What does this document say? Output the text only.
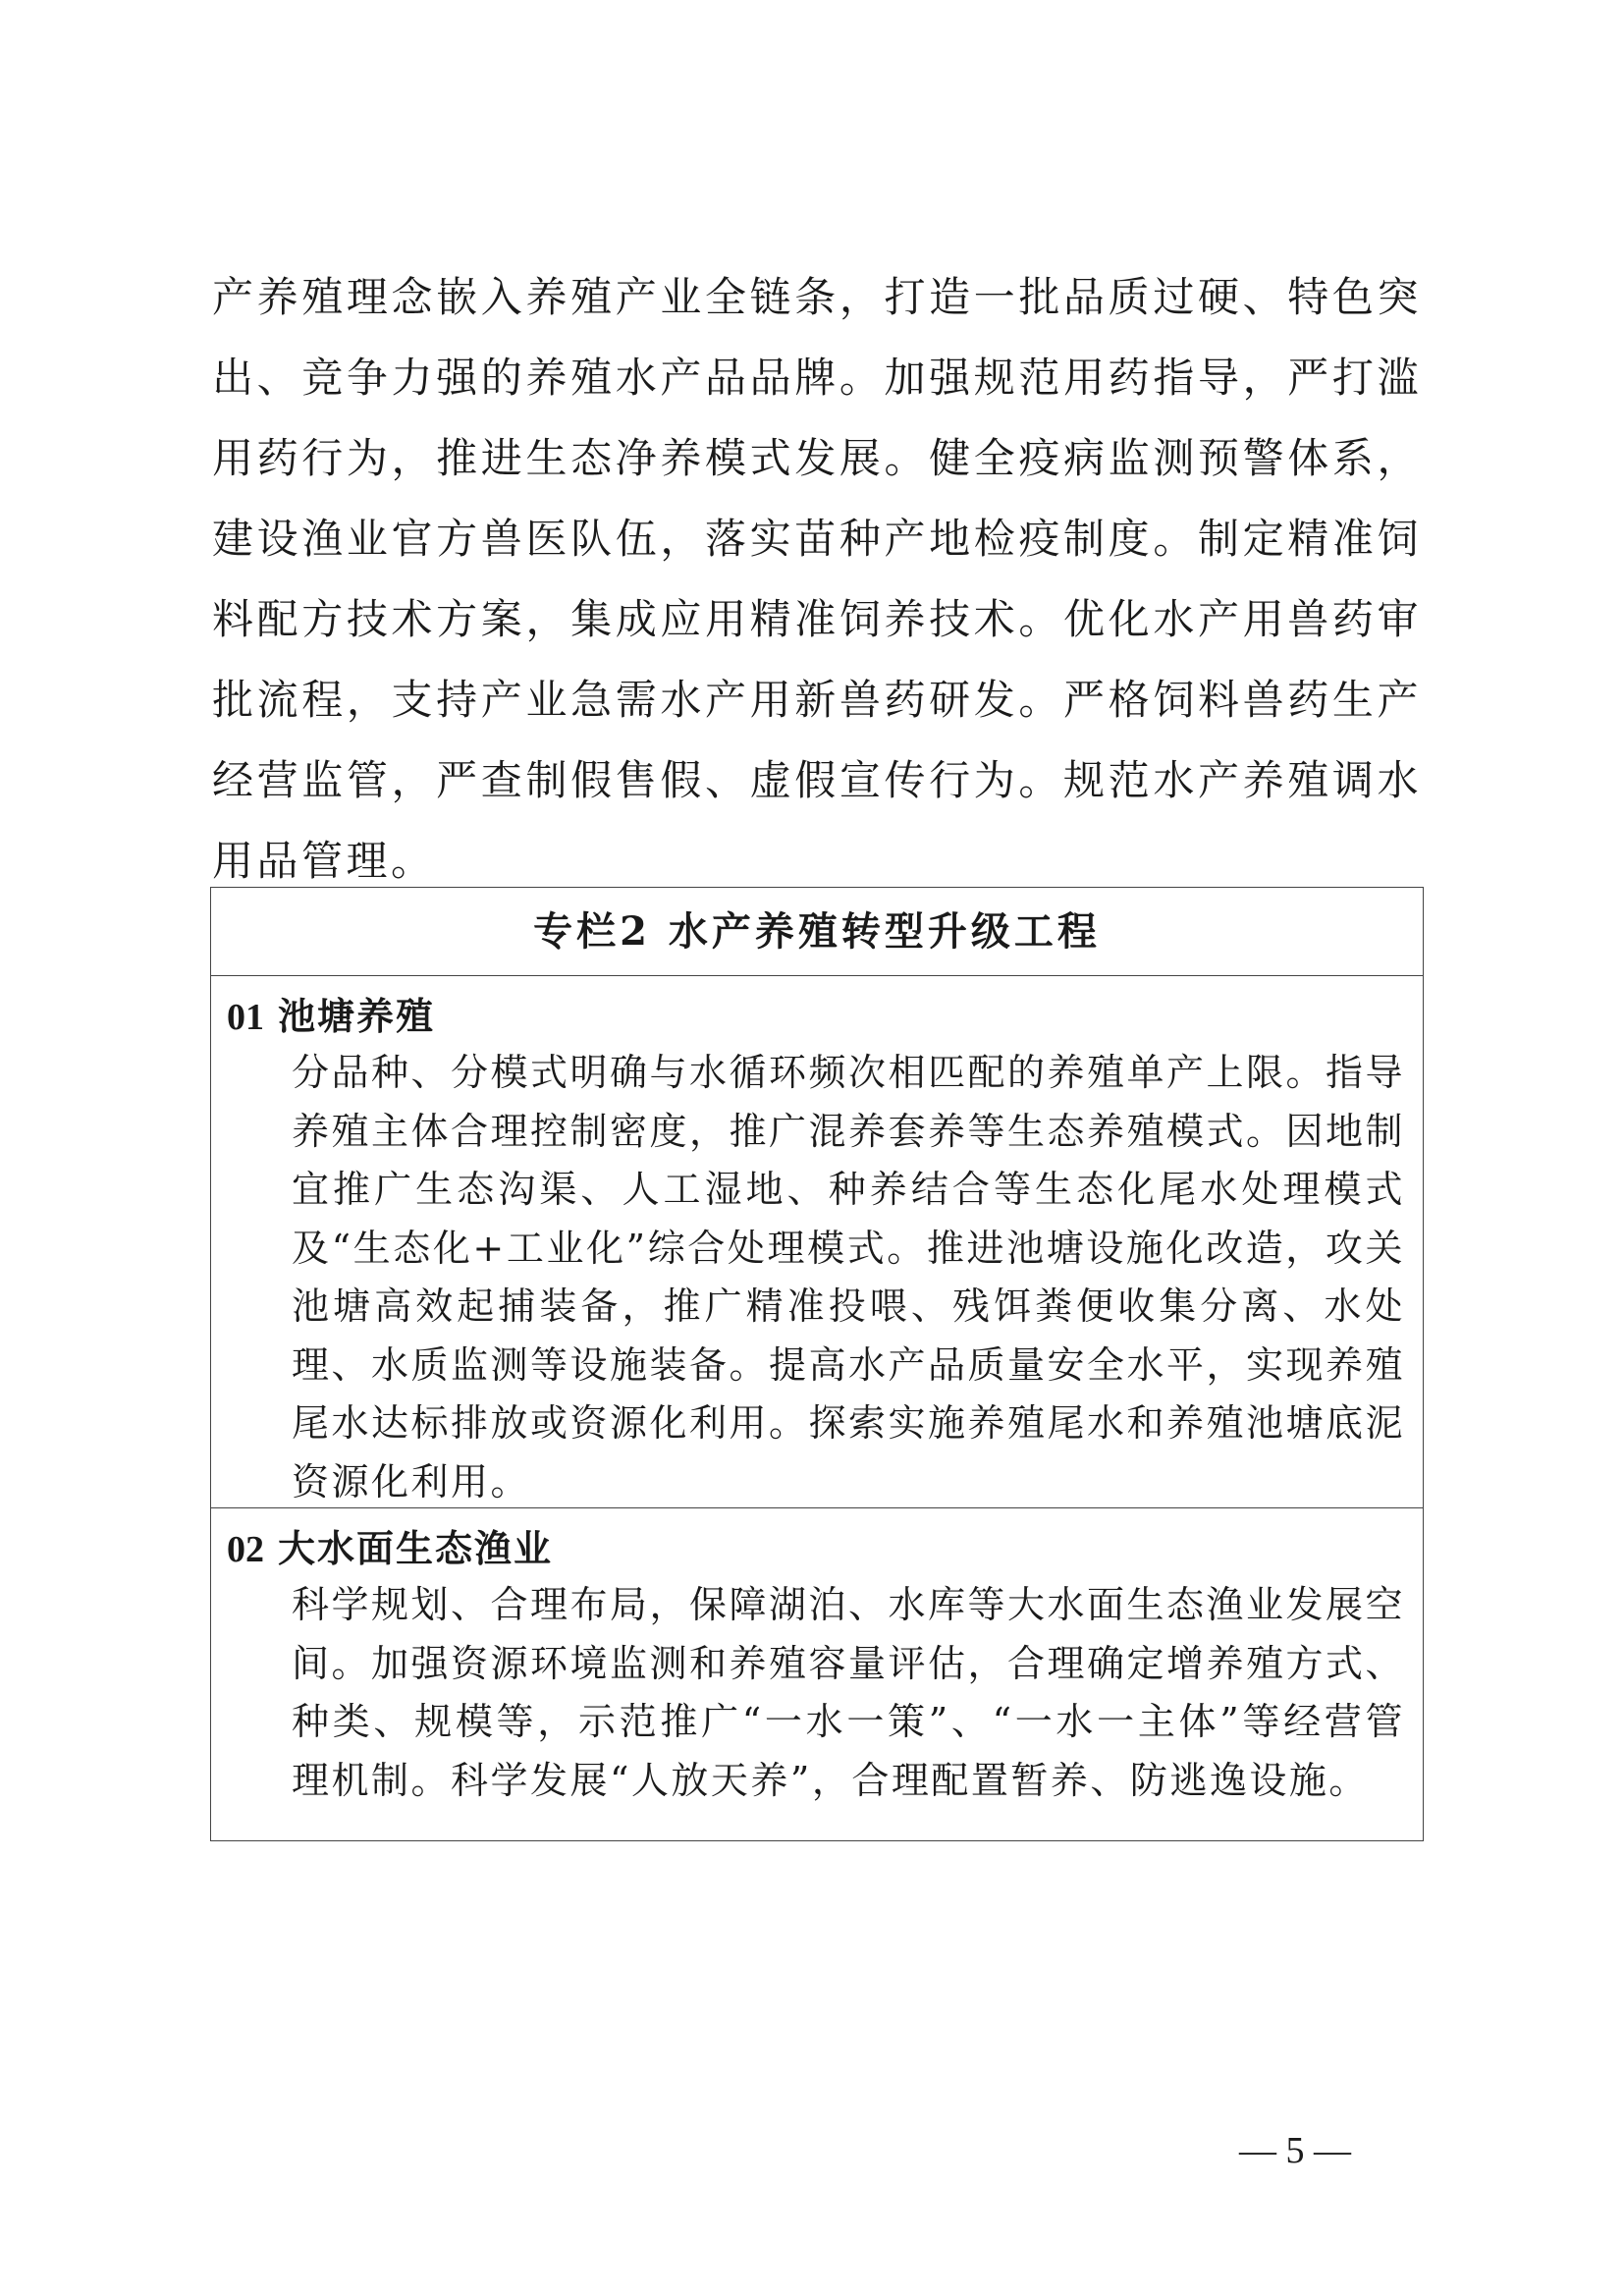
产养殖理念嵌入养殖产业全链条，打造一批品质过硬、特色突出、竞争力强的养殖水产品品牌。加强规范用药指导，严打滥用药行为，推进生态净养模式发展。健全疫病监测预警体系，建设渔业官方兽医队伍，落实苗种产地检疫制度。制定精准饲料配方技术方案，集成应用精准饲养技术。优化水产用兽药审批流程，支持产业急需水产用新兽药研发。严格饲料兽药生产经营监管，严查制假售假、虚假宣传行为。规范水产养殖调水用品管理。

专栏2 水产养殖转型升级工程
01 池塘养殖
分品种、分模式明确与水循环频次相匹配的养殖单产上限。指导养殖主体合理控制密度，推广混养套养等生态养殖模式。因地制宜推广生态沟渠、人工湿地、种养结合等生态化尾水处理模式及“生态化+工业化”综合处理模式。推进池塘设施化改造，攻关池塘高效起捕装备，推广精准投喂、残饵粪便收集分离、水处理、水质监测等设施装备。提高水产品质量安全水平，实现养殖尾水达标排放或资源化利用。探索实施养殖尾水和养殖池塘底泥资源化利用。
02 大水面生态渔业
科学规划、合理布局，保障湖泊、水库等大水面生态渔业发展空间。加强资源环境监测和养殖容量评估，合理确定增养殖方式、种类、规模等，示范推广“一水一策”、“一水一主体”等经营管理机制。科学发展“人放天养”，合理配置暂养、防逃逸设施。
— 5 —
